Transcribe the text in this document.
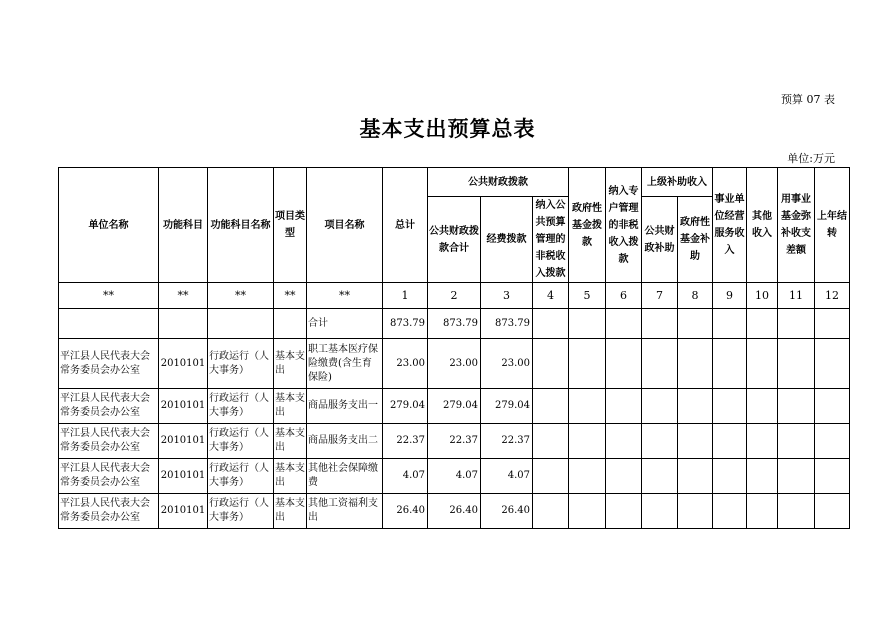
预算 07 表
基本支出预算总表
单位:万元
单位名称	功能科目	功能科目名称	项目类型	项目名称	总计	公共财政拨款			政府性基金拨款	纳入专户管理的非税收入拨款	上级补助收入		事业单位经营服务收入	其他收入	用事业基金弥补收支差额	上年结转
						公共财政拨款合计	经费拨款	纳入公共预算管理的非税收入拨款			公共财政补助	政府性基金补助				
**	**	**	**	**	1	2	3	4	5	6	7	8	9	10	11	12
				合计	873.79	873.79	873.79									
平江县人民代表大会常务委员会办公室	2010101	行政运行（人大事务）	基本支出	职工基本医疗保险缴费(含生育保险)	23.00	23.00	23.00									
平江县人民代表大会常务委员会办公室	2010101	行政运行（人大事务）	基本支出	商品服务支出一	279.04	279.04	279.04									
平江县人民代表大会常务委员会办公室	2010101	行政运行（人大事务）	基本支出	商品服务支出二	22.37	22.37	22.37									
平江县人民代表大会常务委员会办公室	2010101	行政运行（人大事务）	基本支出	其他社会保障缴费	4.07	4.07	4.07									
平江县人民代表大会常务委员会办公室	2010101	行政运行（人大事务）	基本支出	其他工资福利支出	26.40	26.40	26.40									
